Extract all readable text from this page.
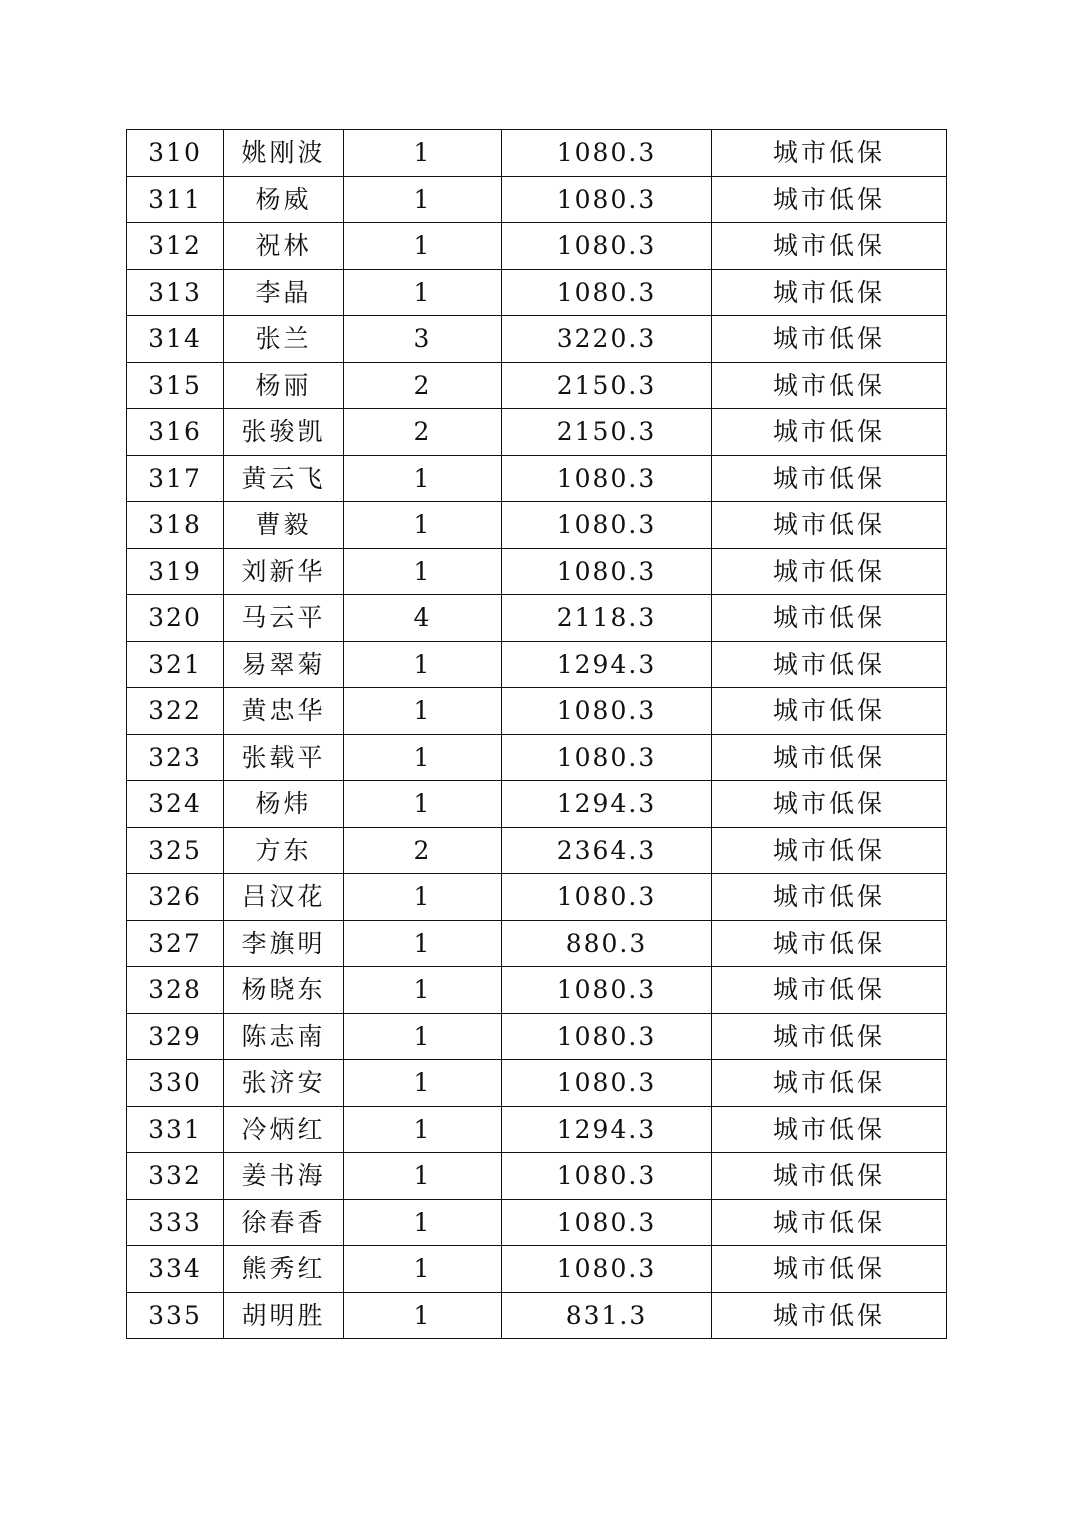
310	姚刚波	1	1080.3	城市低保
311	杨威	1	1080.3	城市低保
312	祝林	1	1080.3	城市低保
313	李晶	1	1080.3	城市低保
314	张兰	3	3220.3	城市低保
315	杨丽	2	2150.3	城市低保
316	张骏凯	2	2150.3	城市低保
317	黄云飞	1	1080.3	城市低保
318	曹毅	1	1080.3	城市低保
319	刘新华	1	1080.3	城市低保
320	马云平	4	2118.3	城市低保
321	易翠菊	1	1294.3	城市低保
322	黄忠华	1	1080.3	城市低保
323	张载平	1	1080.3	城市低保
324	杨炜	1	1294.3	城市低保
325	方东	2	2364.3	城市低保
326	吕汉花	1	1080.3	城市低保
327	李旗明	1	880.3	城市低保
328	杨晓东	1	1080.3	城市低保
329	陈志南	1	1080.3	城市低保
330	张济安	1	1080.3	城市低保
331	冷炳红	1	1294.3	城市低保
332	姜书海	1	1080.3	城市低保
333	徐春香	1	1080.3	城市低保
334	熊秀红	1	1080.3	城市低保
335	胡明胜	1	831.3	城市低保
